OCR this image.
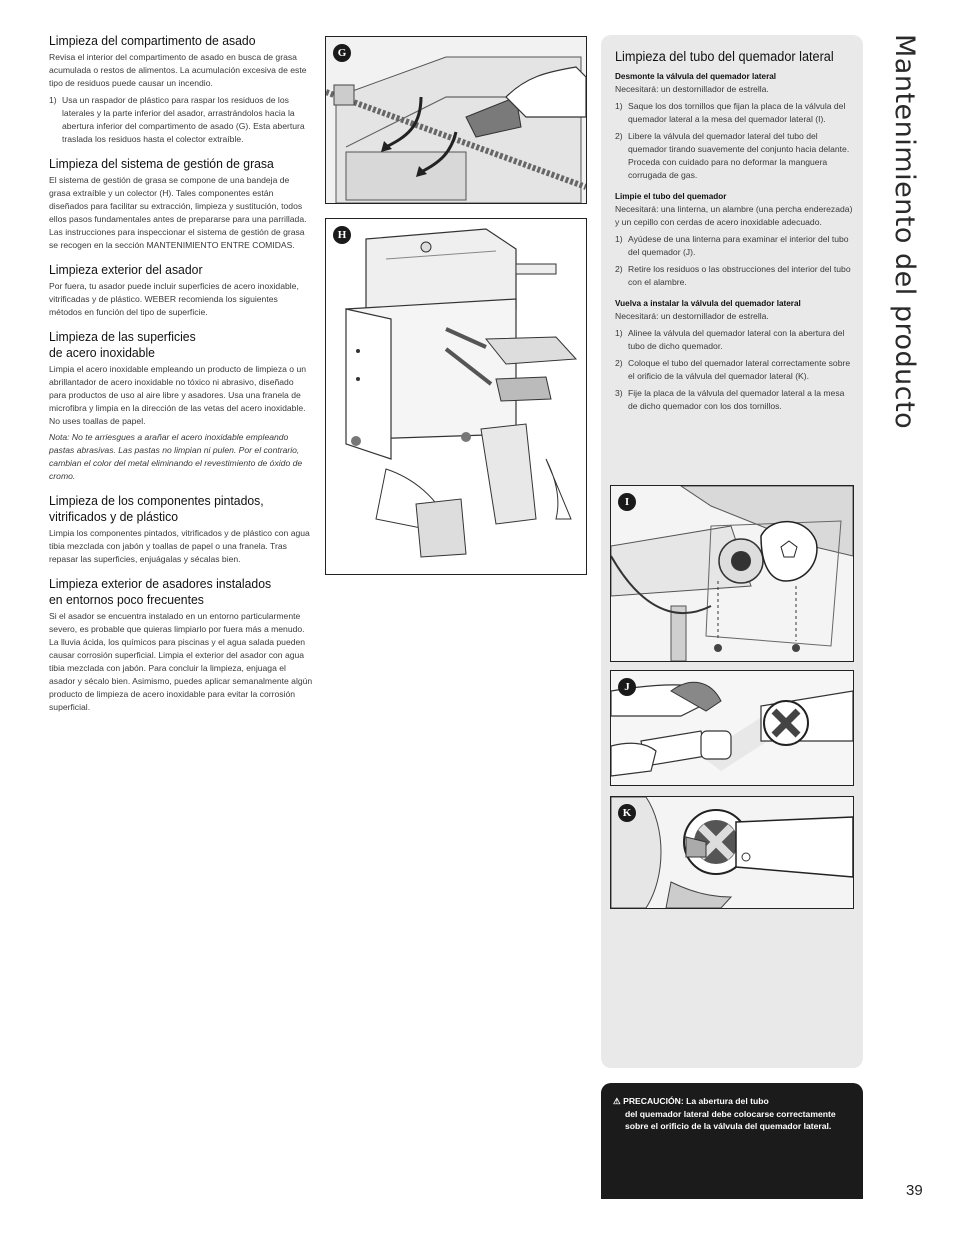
Limpieza del compartimento de asado

Revisa el interior del compartimento de asado en busca de grasa acumulada o restos de alimentos. La acumulación excesiva de este tipo de residuos puede causar un incendio.

1) Usa un raspador de plástico para raspar los residuos de los laterales y la parte inferior del asador, arrastrándolos hacia la abertura inferior del compartimento de asado (G). Esta abertura traslada los residuos hasta el colector extraíble.
Limpieza del sistema de gestión de grasa

El sistema de gestión de grasa se compone de una bandeja de grasa extraíble y un colector (H). Tales componentes están diseñados para facilitar su extracción, limpieza y sustitución, todos ellos pasos fundamentales antes de prepararse para una parrillada. Las instrucciones para inspeccionar el sistema de gestión de grasa se recogen en la sección MANTENIMIENTO ENTRE COMIDAS.

Limpieza exterior del asador

Por fuera, tu asador puede incluir superficies de acero inoxidable, vitrificadas y de plástico. WEBER recomienda los siguientes métodos en función del tipo de superficie.

Limpieza de las superficies
de acero inoxidable

Limpia el acero inoxidable empleando un producto de limpieza o un abrillantador de acero inoxidable no tóxico ni abrasivo, diseñado para productos de uso al aire libre y asadores. Usa una franela de microfibra y limpia en la dirección de las vetas del acero inoxidable. No uses toallas de papel.

Nota: No te arriesgues a arañar el acero inoxidable empleando pastas abrasivas. Las pastas no limpian ni pulen. Por el contrario, cambian el color del metal eliminando el revestimiento de óxido de cromo.

Limpieza de los componentes pintados,
vitrificados y de plástico

Limpia los componentes pintados, vitrificados y de plástico con agua tibia mezclada con jabón y toallas de papel o una franela. Tras repasar las superficies, enjuágalas y sécalas bien.

Limpieza exterior de asadores instalados
en entornos poco frecuentes

Si el asador se encuentra instalado en un entorno particularmente severo, es probable que quieras limpiarlo por fuera más a menudo. La lluvia ácida, los químicos para piscinas y el agua salada pueden causar corrosión superficial. Limpia el exterior del asador con agua tibia mezclada con jabón. Para concluir la limpieza, enjuaga el asador y sécalo bien. Asimismo, puedes aplicar semanalmente algún producto de limpieza de acero inoxidable para evitar la corrosión superficial.

G
H
Limpieza del tubo del quemador lateral
Desmonte la válvula del quemador lateral

Necesitará: un destornillador de estrella.

1) Saque los dos tornillos que fijan la placa de la válvula del quemador lateral a la mesa del quemador lateral (I).
2) Libere la válvula del quemador lateral del tubo del quemador tirando suavemente del conjunto hacia delante. Proceda con cuidado para no deformar la manguera corrugada de gas.
Limpie el tubo del quemador

Necesitará: una linterna, un alambre (una percha enderezada) y un cepillo con cerdas de acero inoxidable adecuado.

1) Ayúdese de una linterna para examinar el interior del tubo del quemador (J).
2) Retire los residuos o las obstrucciones del interior del tubo con el alambre.
Vuelva a instalar la válvula del quemador lateral

Necesitará: un destornillador de estrella.

1) Alinee la válvula del quemador lateral con la abertura del tubo de dicho quemador.
2) Coloque el tubo del quemador lateral correctamente sobre el orificio de la válvula del quemador lateral (K).
3) Fije la placa de la válvula del quemador lateral a la mesa de dicho quemador con los dos tornillos.
I
J
K
⚠ PRECAUCIÓN: La abertura del tubo
del quemador lateral debe colocarse correctamente sobre el orificio de la válvula del quemador lateral.
Mantenimiento del producto
39
